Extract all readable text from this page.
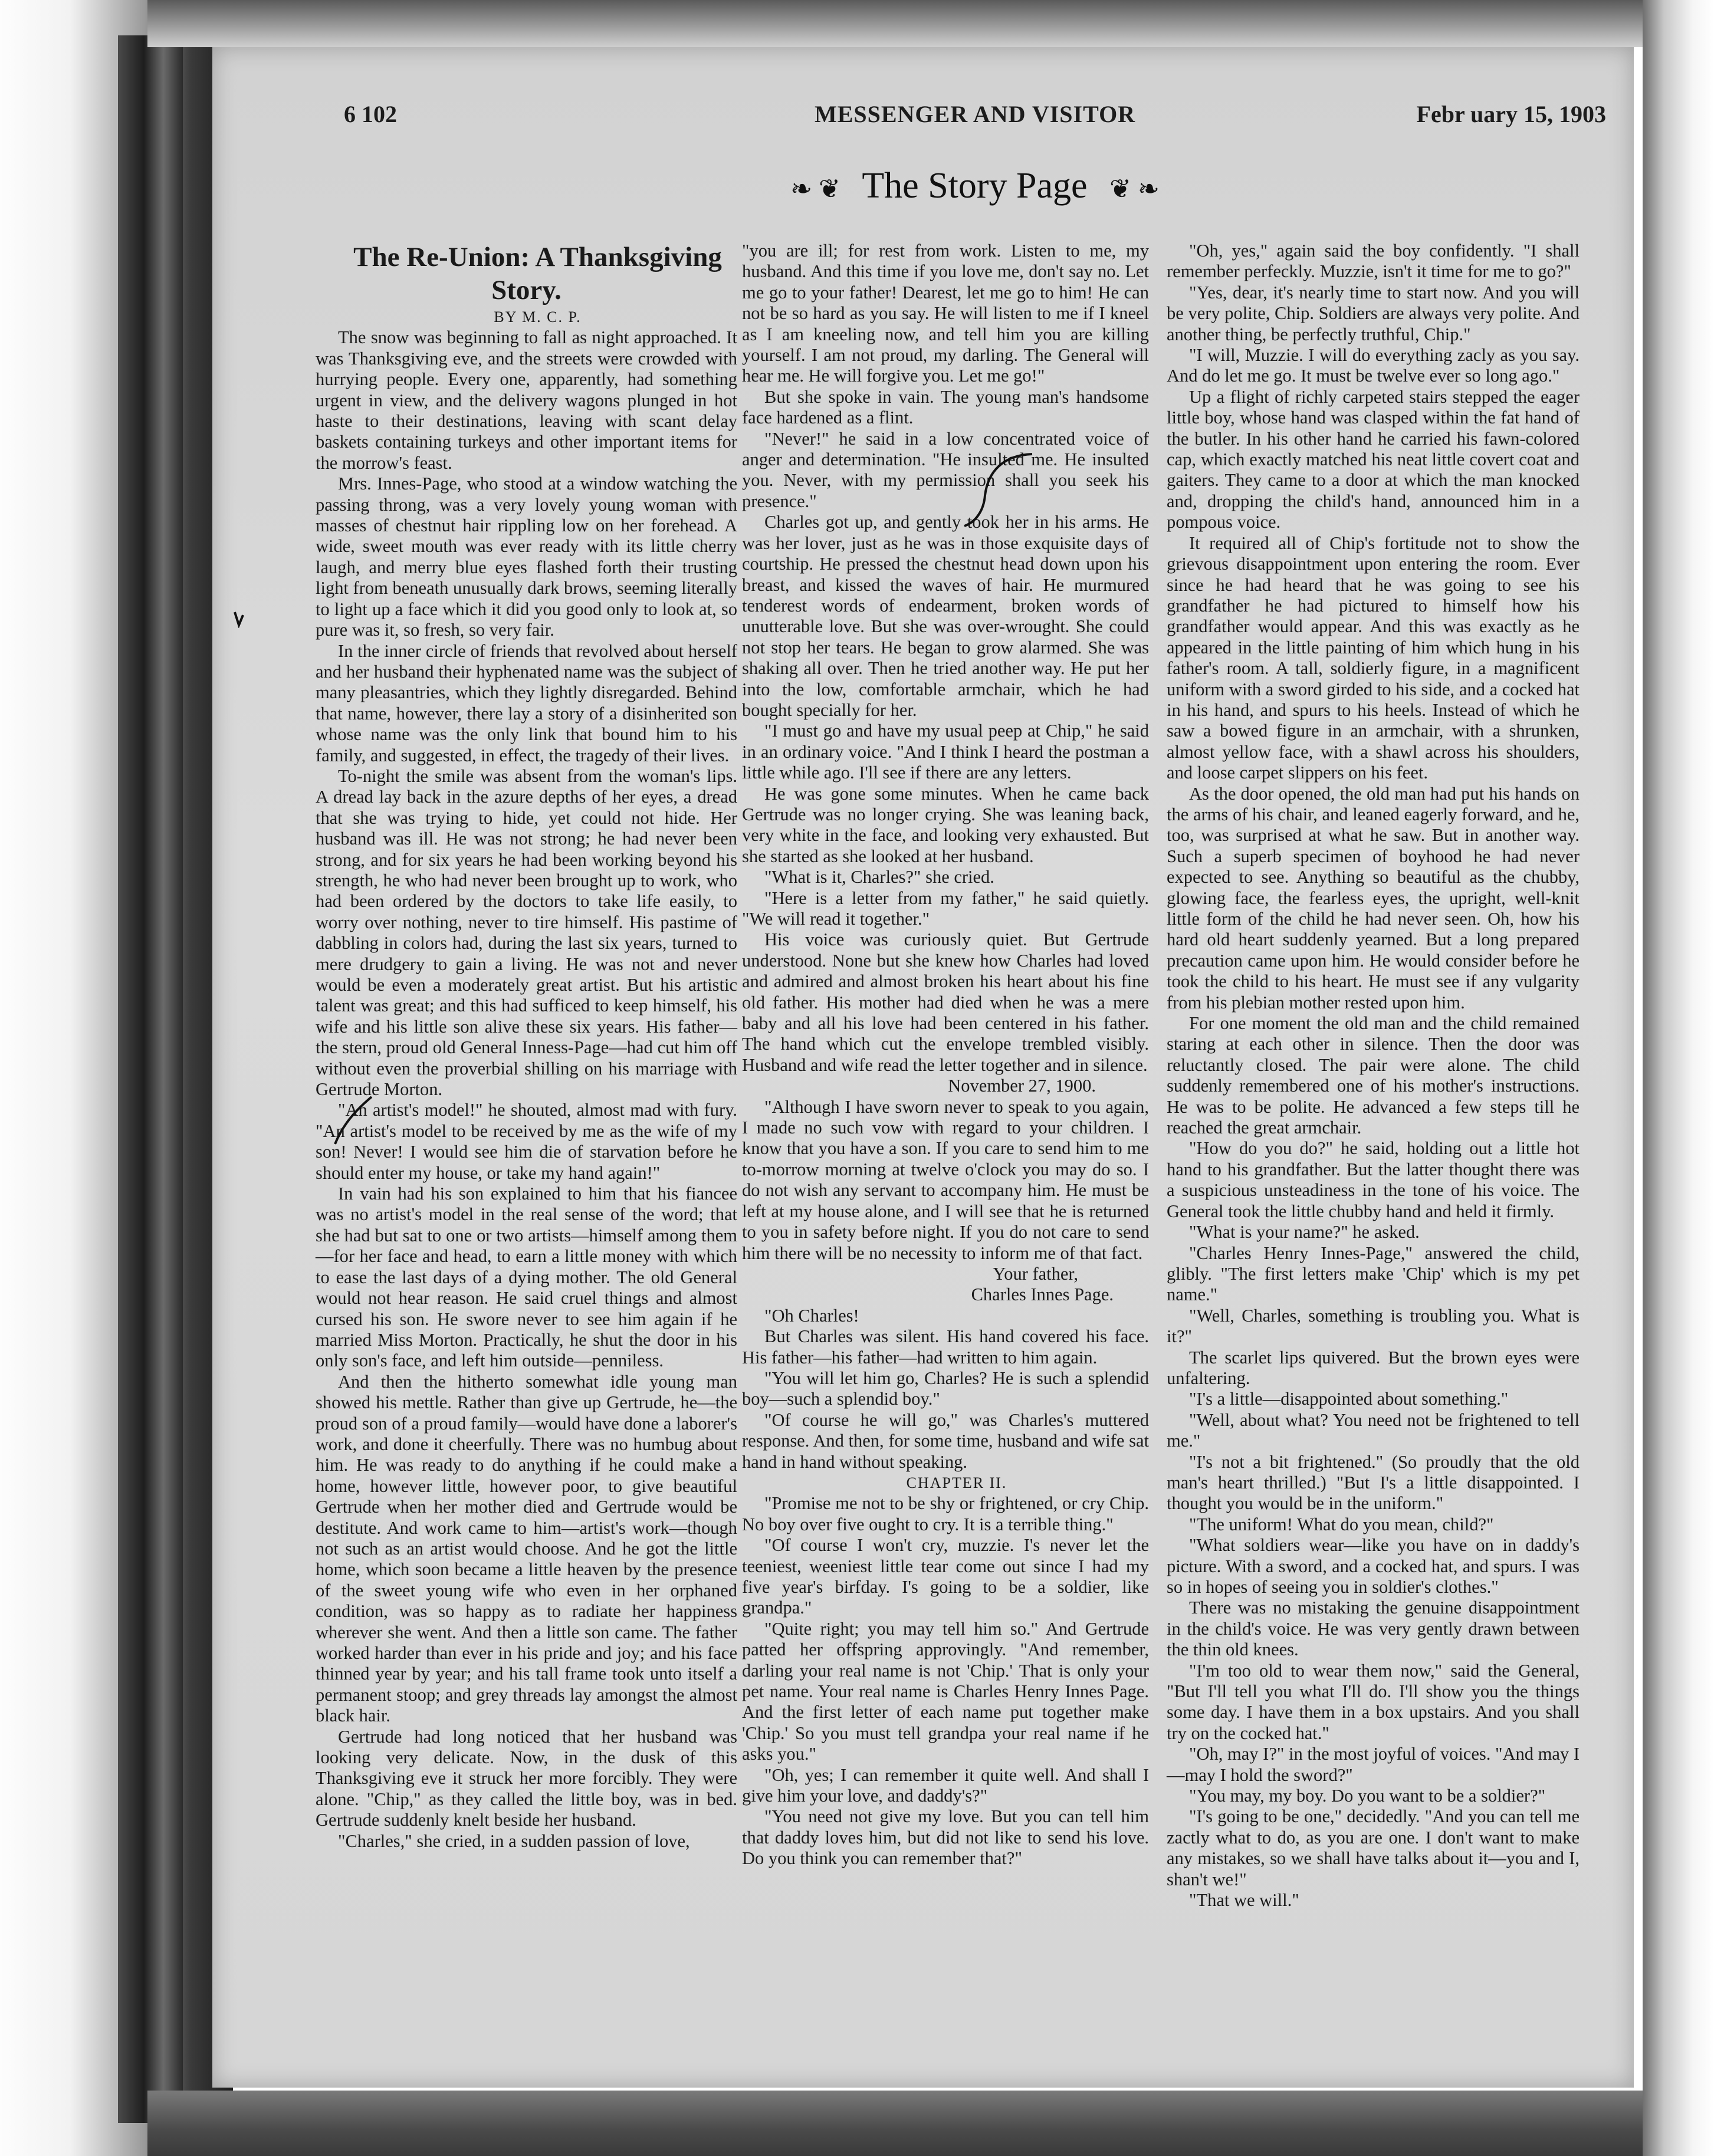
6 102	MESSENGER AND VISITOR	Febr uary 15, 1903
❧ ❦ The Story Page ❦ ❧

The Re-Union: A Thanksgiving Story.

BY M. C. P.

The snow was beginning to fall as night approached. It was Thanksgiving eve, and the streets were crowded with hurrying people. Every one, apparently, had something urgent in view, and the delivery wagons plunged in hot haste to their destinations, leaving with scant delay baskets containing turkeys and other important items for the morrow's feast.

Mrs. Innes-Page, who stood at a window watching the passing throng, was a very lovely young woman with masses of chestnut hair rippling low on her forehead. A wide, sweet mouth was ever ready with its little cherry laugh, and merry blue eyes flashed forth their trusting light from beneath unusually dark brows, seeming literally to light up a face which it did you good only to look at, so pure was it, so fresh, so very fair.

In the inner circle of friends that revolved about herself and her husband their hyphenated name was the subject of many pleasantries, which they lightly disregarded. Behind that name, however, there lay a story of a disinherited son whose name was the only link that bound him to his family, and suggested, in effect, the tragedy of their lives.

To-night the smile was absent from the woman's lips. A dread lay back in the azure depths of her eyes, a dread that she was trying to hide, yet could not hide. Her husband was ill. He was not strong; he had never been strong, and for six years he had been working beyond his strength, he who had never been brought up to work, who had been ordered by the doctors to take life easily, to worry over nothing, never to tire himself. His pastime of dabbling in colors had, during the last six years, turned to mere drudgery to gain a living. He was not and never would be even a moderately great artist. But his artistic talent was great; and this had sufficed to keep himself, his wife and his little son alive these six years. His father—the stern, proud old General Inness-Page—had cut him off without even the proverbial shilling on his marriage with Gertrude Morton.

"An artist's model!" he shouted, almost mad with fury. "An artist's model to be received by me as the wife of my son! Never! I would see him die of starvation before he should enter my house, or take my hand again!"

In vain had his son explained to him that his fiancee was no artist's model in the real sense of the word; that she had but sat to one or two artists—himself among them—for her face and head, to earn a little money with which to ease the last days of a dying mother. The old General would not hear reason. He said cruel things and almost cursed his son. He swore never to see him again if he married Miss Morton. Practically, he shut the door in his only son's face, and left him outside—penniless.

And then the hitherto somewhat idle young man showed his mettle. Rather than give up Gertrude, he—the proud son of a proud family—would have done a laborer's work, and done it cheerfully. There was no humbug about him. He was ready to do anything if he could make a home, however little, however poor, to give beautiful Gertrude when her mother died and Gertrude would be destitute. And work came to him—artist's work—though not such as an artist would choose. And he got the little home, which soon became a little heaven by the presence of the sweet young wife who even in her orphaned condition, was so happy as to radiate her happiness wherever she went. And then a little son came. The father worked harder than ever in his pride and joy; and his face thinned year by year; and his tall frame took unto itself a permanent stoop; and grey threads lay amongst the almost black hair.

Gertrude had long noticed that her husband was looking very delicate. Now, in the dusk of this Thanksgiving eve it struck her more forcibly. They were alone. "Chip," as they called the little boy, was in bed. Gertrude suddenly knelt beside her husband.

"Charles," she cried, in a sudden passion of love,

"you are ill; for rest from work. Listen to me, my husband. And this time if you love me, don't say no. Let me go to your father! Dearest, let me go to him! He can not be so hard as you say. He will listen to me if I kneel as I am kneeling now, and tell him you are killing yourself. I am not proud, my darling. The General will hear me. He will forgive you. Let me go!"

But she spoke in vain. The young man's handsome face hardened as a flint.

"Never!" he said in a low concentrated voice of anger and determination. "He insulted me. He insulted you. Never, with my permission shall you seek his presence."

Charles got up, and gently took her in his arms. He was her lover, just as he was in those exquisite days of courtship. He pressed the chestnut head down upon his breast, and kissed the waves of hair. He murmured tenderest words of endearment, broken words of unutterable love. But she was over-wrought. She could not stop her tears. He began to grow alarmed. She was shaking all over. Then he tried another way. He put her into the low, comfortable armchair, which he had bought specially for her.

"I must go and have my usual peep at Chip," he said in an ordinary voice. "And I think I heard the postman a little while ago. I'll see if there are any letters.

He was gone some minutes. When he came back Gertrude was no longer crying. She was leaning back, very white in the face, and looking very exhausted. But she started as she looked at her husband.

"What is it, Charles?" she cried.

"Here is a letter from my father," he said quietly. "We will read it together."

His voice was curiously quiet. But Gertrude understood. None but she knew how Charles had loved and admired and almost broken his heart about his fine old father. His mother had died when he was a mere baby and all his love had been centered in his father. The hand which cut the envelope trembled visibly. Husband and wife read the letter together and in silence.

November 27, 1900.

"Although I have sworn never to speak to you again, I made no such vow with regard to your children. I know that you have a son. If you care to send him to me to-morrow morning at twelve o'clock you may do so. I do not wish any servant to accompany him. He must be left at my house alone, and I will see that he is returned to you in safety before night. If you do not care to send him there will be no necessity to inform me of that fact.

Your father,

Charles Innes Page.

"Oh Charles!

But Charles was silent. His hand covered his face. His father—his father—had written to him again.

"You will let him go, Charles? He is such a splendid boy—such a splendid boy."

"Of course he will go," was Charles's muttered response. And then, for some time, husband and wife sat hand in hand without speaking.

CHAPTER II.

"Promise me not to be shy or frightened, or cry Chip. No boy over five ought to cry. It is a terrible thing."

"Of course I won't cry, muzzie. I's never let the teeniest, weeniest little tear come out since I had my five year's birfday. I's going to be a soldier, like grandpa."

"Quite right; you may tell him so." And Gertrude patted her offspring approvingly. "And remember, darling your real name is not 'Chip.' That is only your pet name. Your real name is Charles Henry Innes Page. And the first letter of each name put together make 'Chip.' So you must tell grandpa your real name if he asks you."

"Oh, yes; I can remember it quite well. And shall I give him your love, and daddy's?"

"You need not give my love. But you can tell him that daddy loves him, but did not like to send his love. Do you think you can remember that?"

"Oh, yes," again said the boy confidently. "I shall remember perfeckly. Muzzie, isn't it time for me to go?"

"Yes, dear, it's nearly time to start now. And you will be very polite, Chip. Soldiers are always very polite. And another thing, be perfectly truthful, Chip."

"I will, Muzzie. I will do everything zacly as you say. And do let me go. It must be twelve ever so long ago."

Up a flight of richly carpeted stairs stepped the eager little boy, whose hand was clasped within the fat hand of the butler. In his other hand he carried his fawn-colored cap, which exactly matched his neat little covert coat and gaiters. They came to a door at which the man knocked and, dropping the child's hand, announced him in a pompous voice.

It required all of Chip's fortitude not to show the grievous disappointment upon entering the room. Ever since he had heard that he was going to see his grandfather he had pictured to himself how his grandfather would appear. And this was exactly as he appeared in the little painting of him which hung in his father's room. A tall, soldierly figure, in a magnificent uniform with a sword girded to his side, and a cocked hat in his hand, and spurs to his heels. Instead of which he saw a bowed figure in an armchair, with a shrunken, almost yellow face, with a shawl across his shoulders, and loose carpet slippers on his feet.

As the door opened, the old man had put his hands on the arms of his chair, and leaned eagerly forward, and he, too, was surprised at what he saw. But in another way. Such a superb specimen of boyhood he had never expected to see. Anything so beautiful as the chubby, glowing face, the fearless eyes, the upright, well-knit little form of the child he had never seen. Oh, how his hard old heart suddenly yearned. But a long prepared precaution came upon him. He would consider before he took the child to his heart. He must see if any vulgarity from his plebian mother rested upon him.

For one moment the old man and the child remained staring at each other in silence. Then the door was reluctantly closed. The pair were alone. The child suddenly remembered one of his mother's instructions. He was to be polite. He advanced a few steps till he reached the great armchair.

"How do you do?" he said, holding out a little hot hand to his grandfather. But the latter thought there was a suspicious unsteadiness in the tone of his voice. The General took the little chubby hand and held it firmly.

"What is your name?" he asked.

"Charles Henry Innes-Page," answered the child, glibly. "The first letters make 'Chip' which is my pet name."

"Well, Charles, something is troubling you. What is it?"

The scarlet lips quivered. But the brown eyes were unfaltering.

"I's a little—disappointed about something."

"Well, about what? You need not be frightened to tell me."

"I's not a bit frightened." (So proudly that the old man's heart thrilled.) "But I's a little disappointed. I thought you would be in the uniform."

"The uniform! What do you mean, child?"

"What soldiers wear—like you have on in daddy's picture. With a sword, and a cocked hat, and spurs. I was so in hopes of seeing you in soldier's clothes."

There was no mistaking the genuine disappointment in the child's voice. He was very gently drawn between the thin old knees.

"I'm too old to wear them now," said the General, "But I'll tell you what I'll do. I'll show you the things some day. I have them in a box upstairs. And you shall try on the cocked hat."

"Oh, may I?" in the most joyful of voices. "And may I—may I hold the sword?"

"You may, my boy. Do you want to be a soldier?"

"I's going to be one," decidedly. "And you can tell me zactly what to do, as you are one. I don't want to make any mistakes, so we shall have talks about it—you and I, shan't we!"

"That we will."
